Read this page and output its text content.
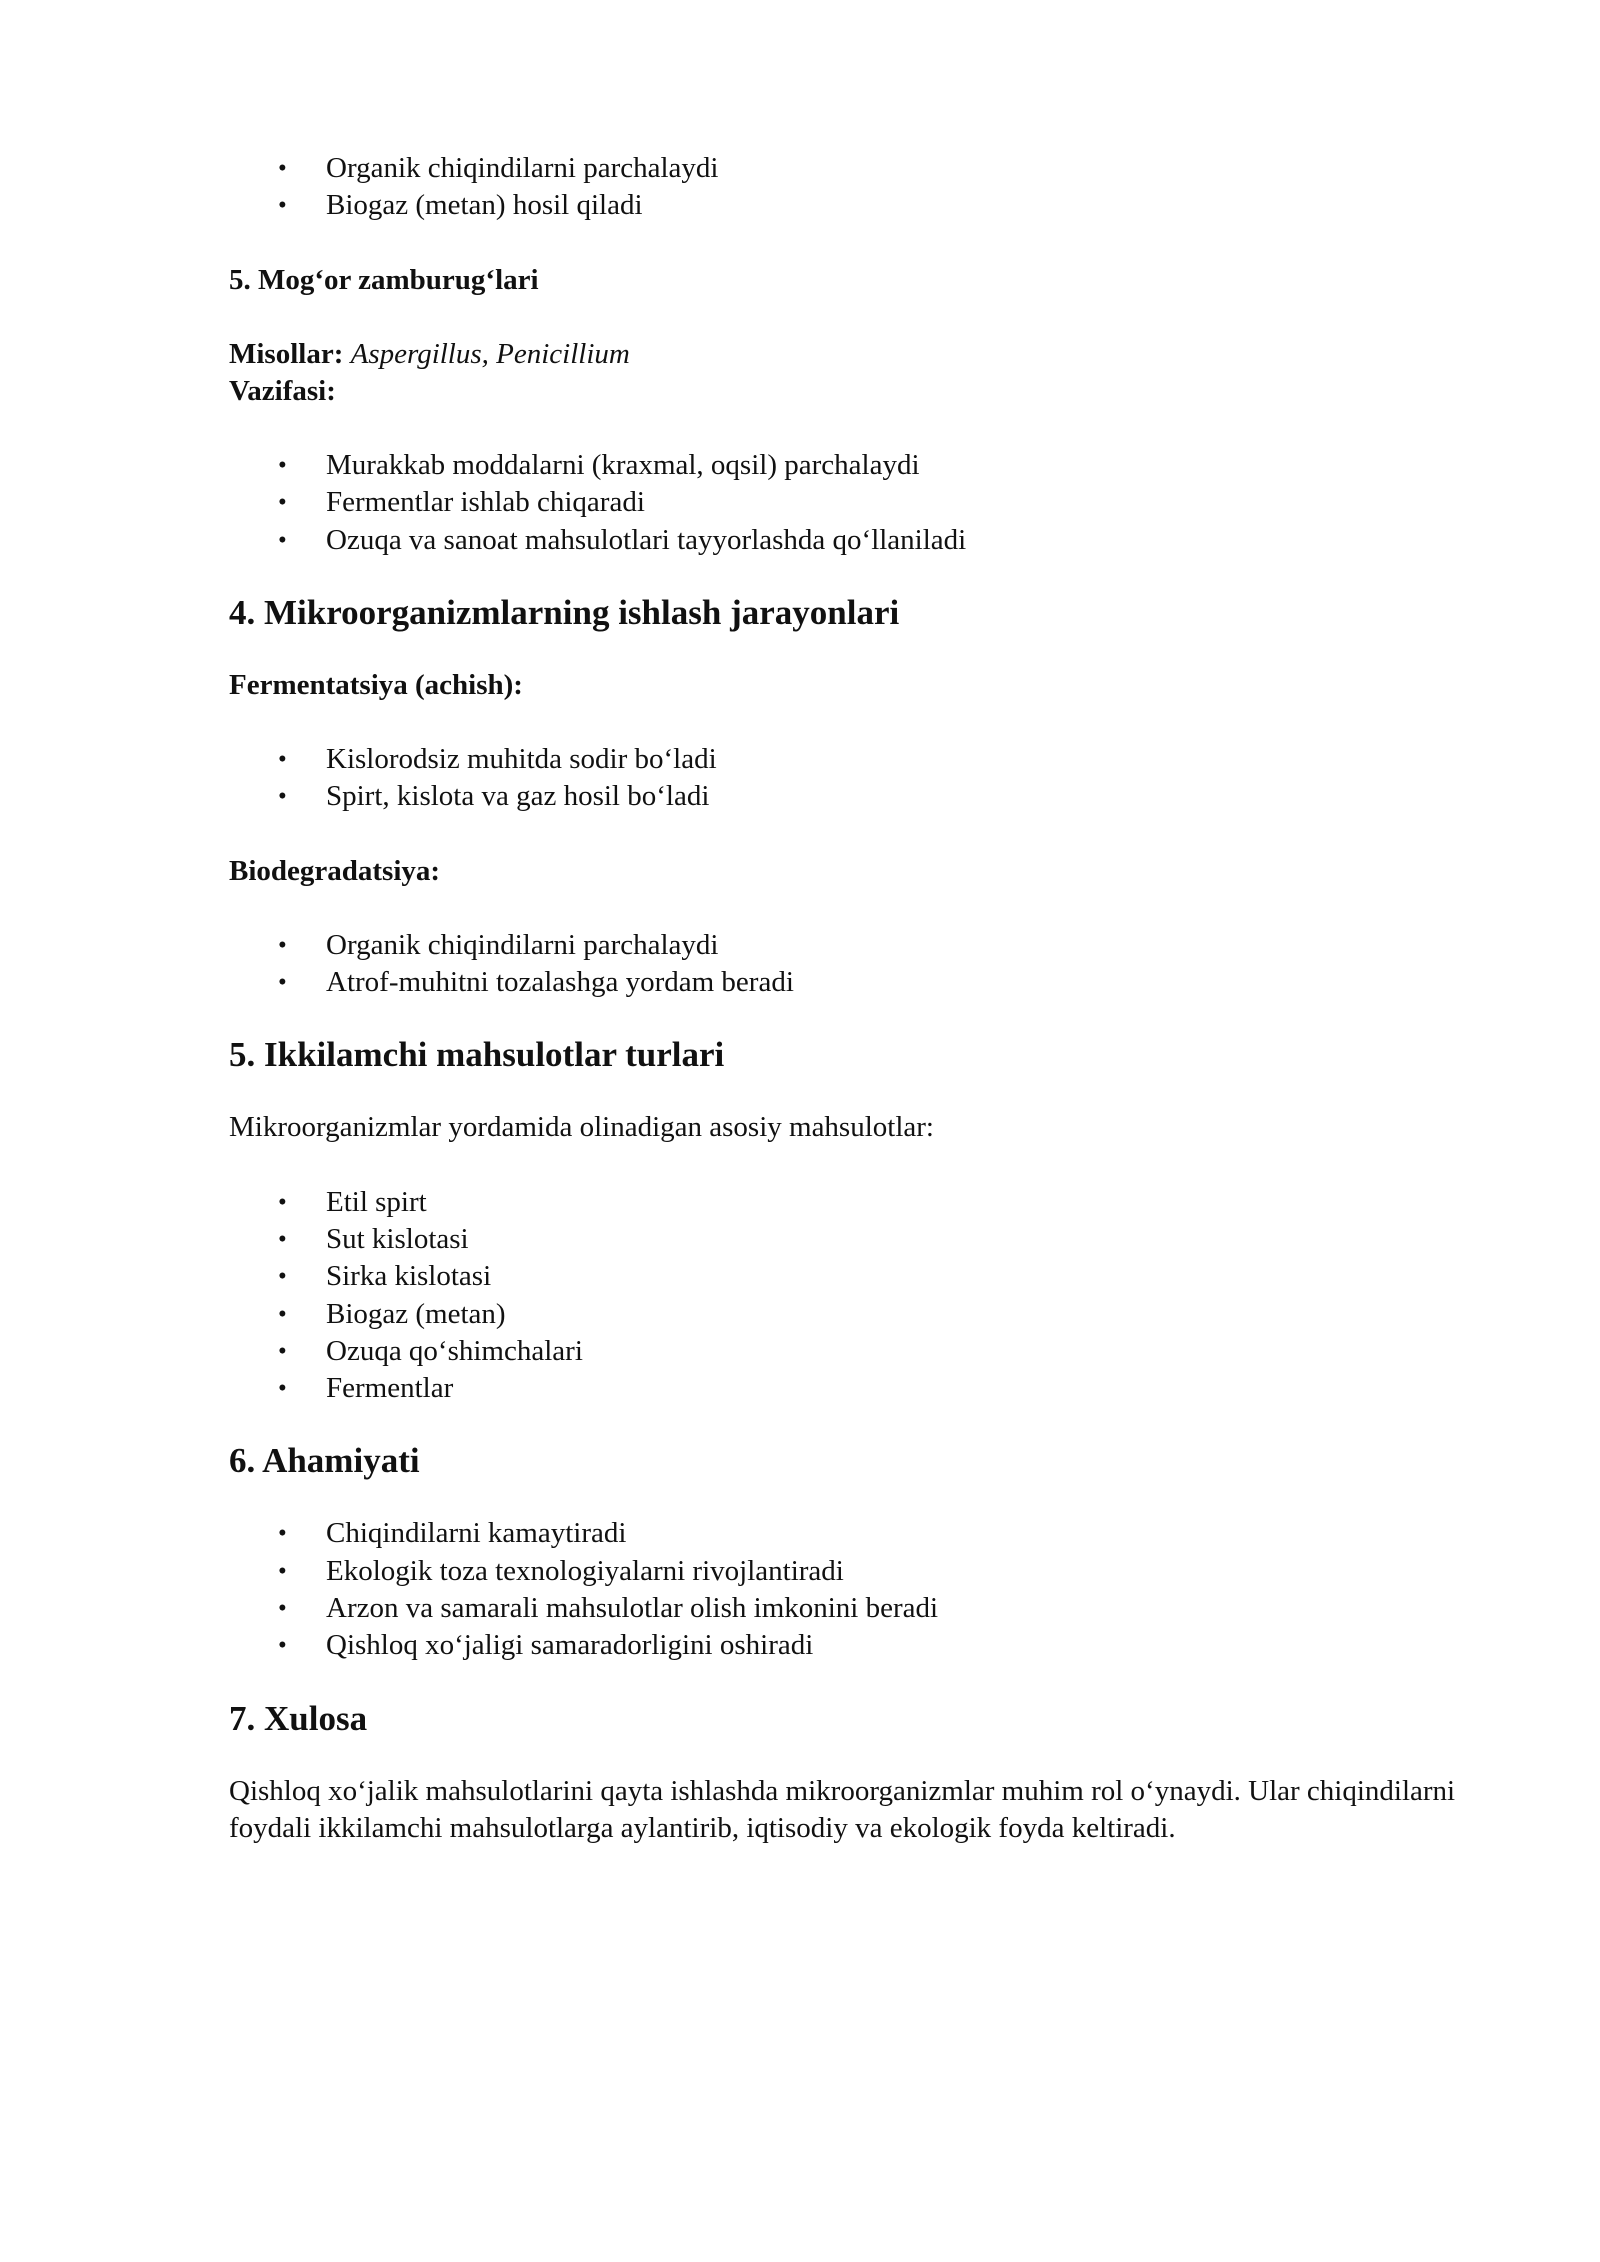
• Organik chiqindilarni parchalaydi
• Biogaz (metan) hosil qiladi

5. Mog‘or zamburug‘lari

Misollar: Aspergillus, Penicillium

Vazifasi:

• Murakkab moddalarni (kraxmal, oqsil) parchalaydi
• Fermentlar ishlab chiqaradi
• Ozuqa va sanoat mahsulotlari tayyorlashda qo‘llaniladi
4. Mikroorganizmlarning ishlash jarayonlari

Fermentatsiya (achish):

• Kislorodsiz muhitda sodir bo‘ladi
• Spirt, kislota va gaz hosil bo‘ladi

Biodegradatsiya:

• Organik chiqindilarni parchalaydi
• Atrof-muhitni tozalashga yordam beradi
5. Ikkilamchi mahsulotlar turlari

Mikroorganizmlar yordamida olinadigan asosiy mahsulotlar:

• Etil spirt
• Sut kislotasi
• Sirka kislotasi
• Biogaz (metan)
• Ozuqa qo‘shimchalari
• Fermentlar
6. Ahamiyati
• Chiqindilarni kamaytiradi
• Ekologik toza texnologiyalarni rivojlantiradi
• Arzon va samarali mahsulotlar olish imkonini beradi
• Qishloq xo‘jaligi samaradorligini oshiradi
7. Xulosa

Qishloq xo‘jalik mahsulotlarini qayta ishlashda mikroorganizmlar muhim rol o‘ynaydi. Ular chiqindilarni foydali ikkilamchi mahsulotlarga aylantirib, iqtisodiy va ekologik foyda keltiradi.
